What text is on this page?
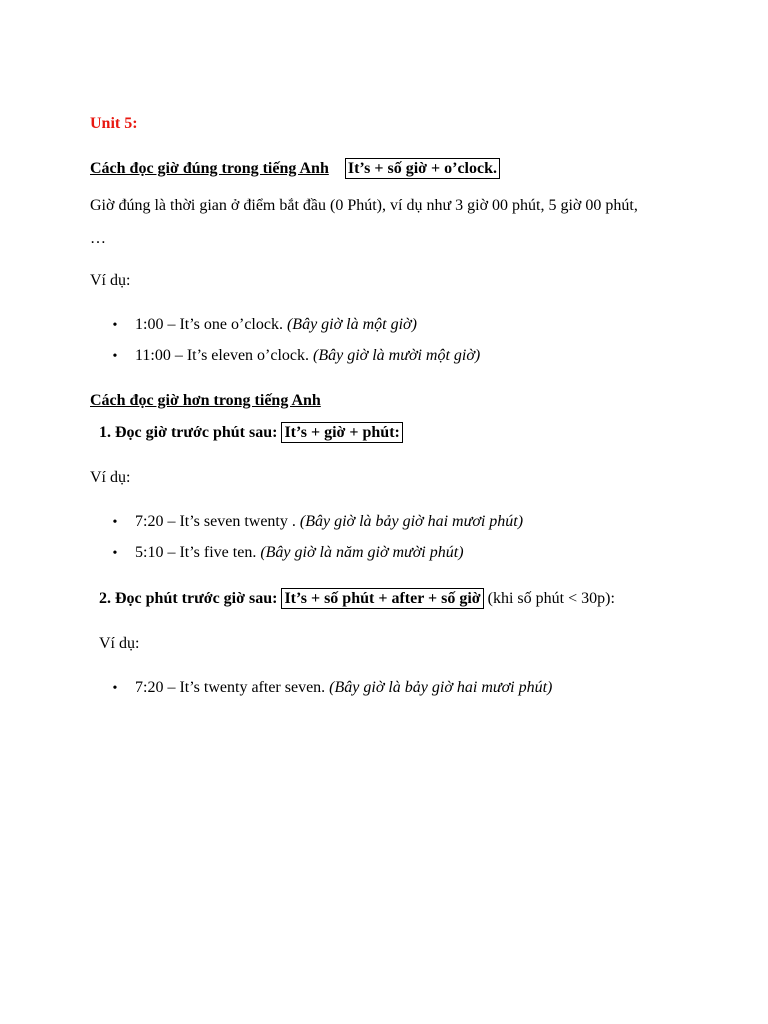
Unit 5:
Cách đọc giờ đúng trong tiếng Anh It’s + số giờ + o’clock.
Giờ đúng là thời gian ở điểm bắt đầu (0 Phút), ví dụ như 3 giờ 00 phút, 5 giờ 00 phút,
…
Ví dụ:
• 1:00 – It’s one o’clock. (Bây giờ là một giờ)
• 11:00 – It’s eleven o’clock. (Bây giờ là mười một giờ)
Cách đọc giờ hơn trong tiếng Anh
1. Đọc giờ trước phút sau: It’s + giờ + phút:
Ví dụ:
• 7:20 – It’s seven twenty . (Bây giờ là bảy giờ hai mươi phút)
• 5:10 – It’s five ten. (Bây giờ là năm giờ mười phút)
2. Đọc phút trước giờ sau: It’s + số phút + after + số giờ (khi số phút < 30p):
Ví dụ:
• 7:20 – It’s twenty after seven. (Bây giờ là bảy giờ hai mươi phút)
